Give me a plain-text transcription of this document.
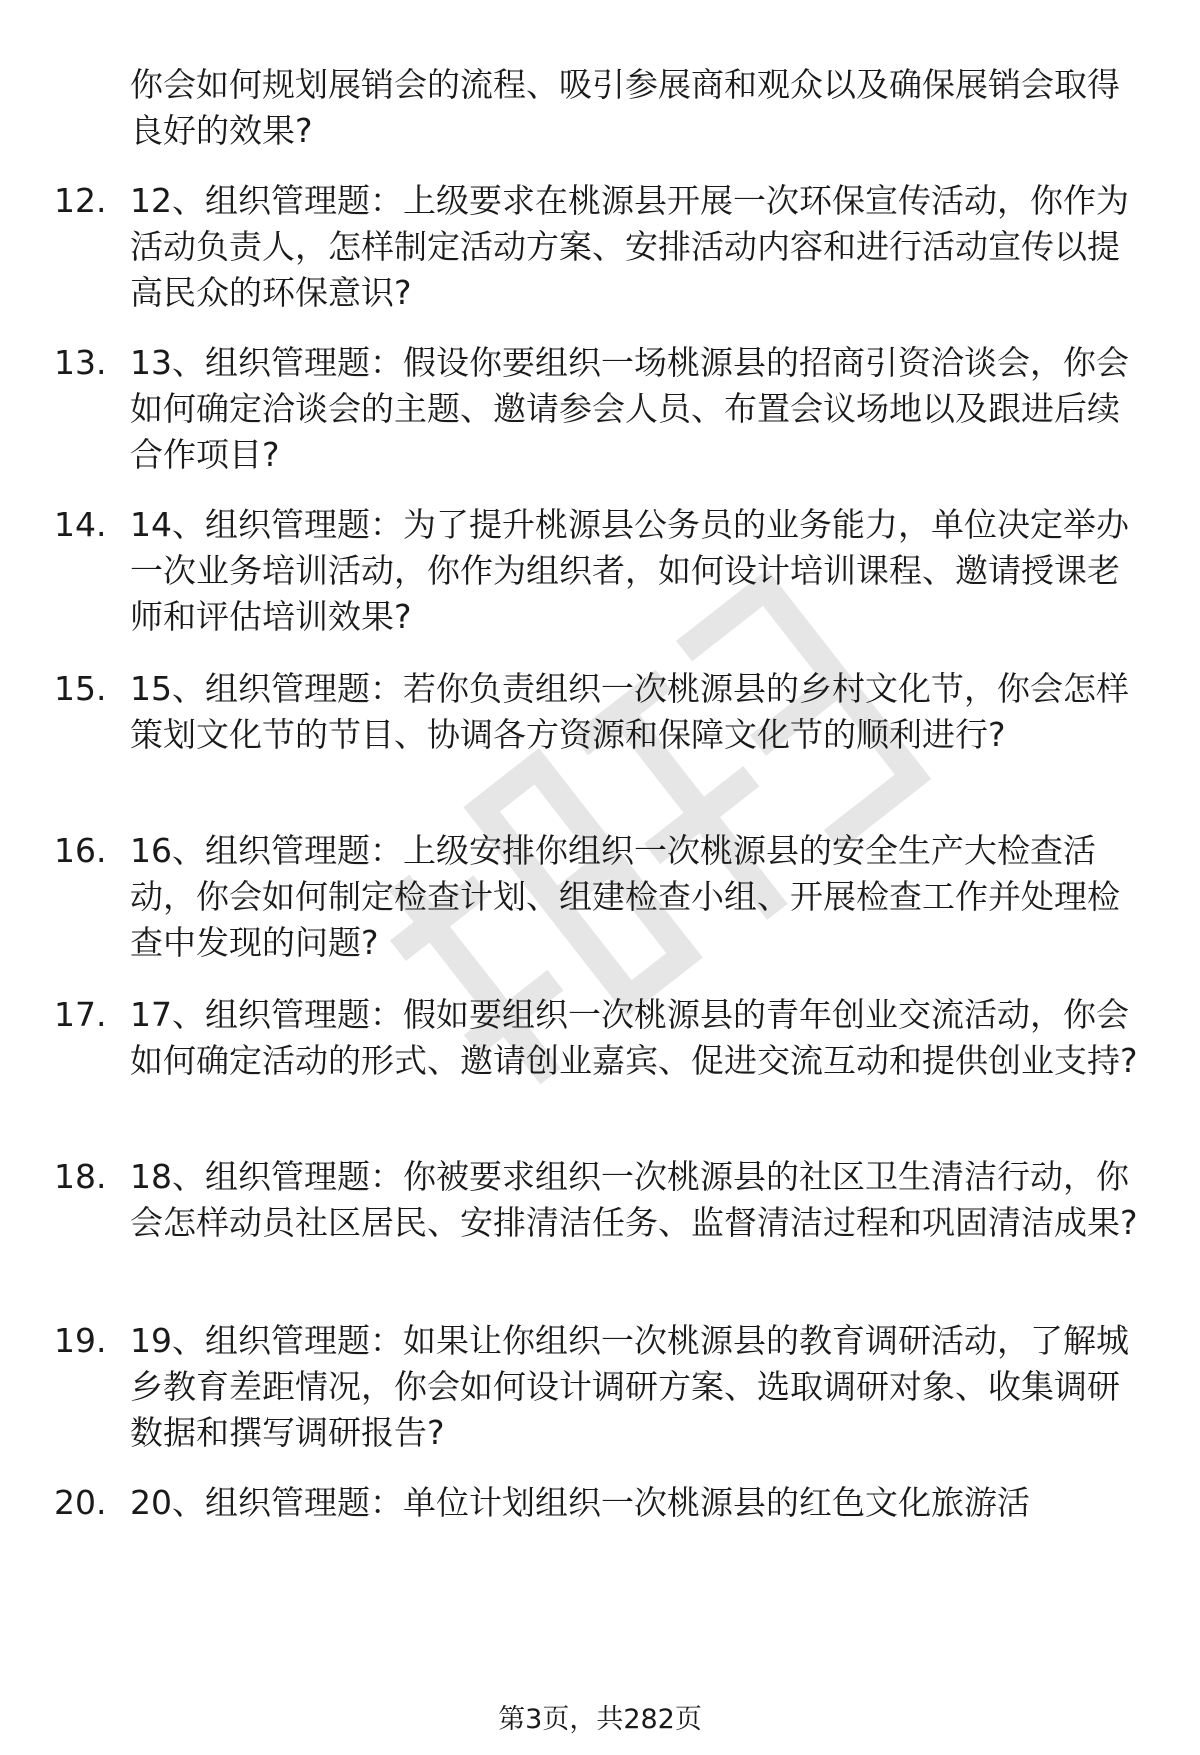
你会如何规划展销会的流程、吸引参展商和观众以及确保展销会取得良好的效果?

12. 12、组织管理题：上级要求在桃源县开展一次环保宣传活动，你作为活动负责人，怎样制定活动方案、安排活动内容和进行活动宣传以提高民众的环保意识?

13. 13、组织管理题：假设你要组织一场桃源县的招商引资洽谈会，你会如何确定洽谈会的主题、邀请参会人员、布置会议场地以及跟进后续合作项目?

14. 14、组织管理题：为了提升桃源县公务员的业务能力，单位决定举办一次业务培训活动，你作为组织者，如何设计培训课程、邀请授课老师和评估培训效果?

15. 15、组织管理题：若你负责组织一次桃源县的乡村文化节，你会怎样策划文化节的节目、协调各方资源和保障文化节的顺利进行?

16. 16、组织管理题：上级安排你组织一次桃源县的安全生产大检查活动，你会如何制定检查计划、组建检查小组、开展检查工作并处理检查中发现的问题?

17. 17、组织管理题：假如要组织一次桃源县的青年创业交流活动，你会如何确定活动的形式、邀请创业嘉宾、促进交流互动和提供创业支持?

18. 18、组织管理题：你被要求组织一次桃源县的社区卫生清洁行动，你会怎样动员社区居民、安排清洁任务、监督清洁过程和巩固清洁成果?

19. 19、组织管理题：如果让你组织一次桃源县的教育调研活动，了解城乡教育差距情况，你会如何设计调研方案、选取调研对象、收集调研数据和撰写调研报告?

20. 20、组织管理题：单位计划组织一次桃源县的红色文化旅游活

第3页，共282页
